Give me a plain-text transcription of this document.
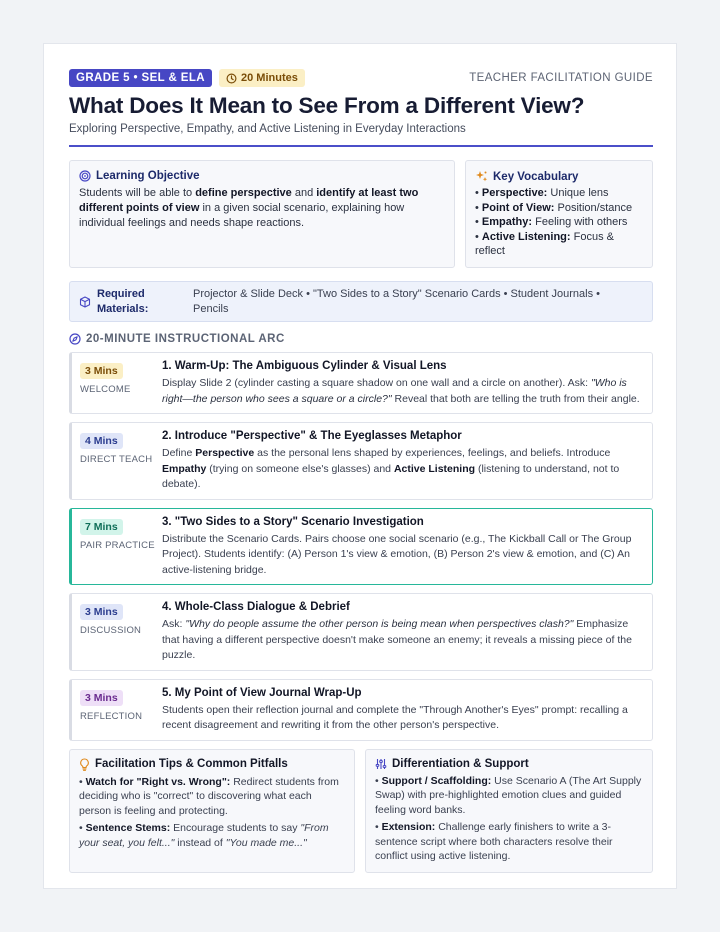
GRADE 5 • SEL & ELA	20 Minutes	TEACHER FACILITATION GUIDE
What Does It Mean to See From a Different View?
Exploring Perspective, Empathy, and Active Listening in Everyday Interactions
Learning Objective
Students will be able to define perspective and identify at least two different points of view in a given social scenario, explaining how individual feelings and needs shape reactions.
Key Vocabulary
• Perspective: Unique lens
• Point of View: Position/stance
• Empathy: Feeling with others
• Active Listening: Focus & reflect
Required Materials:
Projector & Slide Deck • "Two Sides to a Story" Scenario Cards • Student Journals • Pencils
20-MINUTE INSTRUCTIONAL ARC
3 Mins
WELCOME
1. Warm-Up: The Ambiguous Cylinder & Visual Lens
Display Slide 2 (cylinder casting a square shadow on one wall and a circle on another). Ask: "Who is right—the person who sees a square or a circle?" Reveal that both are telling the truth from their angle.
4 Mins
DIRECT TEACH
2. Introduce "Perspective" & The Eyeglasses Metaphor
Define Perspective as the personal lens shaped by experiences, feelings, and beliefs. Introduce Empathy (trying on someone else's glasses) and Active Listening (listening to understand, not to debate).
7 Mins
PAIR PRACTICE
3. "Two Sides to a Story" Scenario Investigation
Distribute the Scenario Cards. Pairs choose one social scenario (e.g., The Kickball Call or The Group Project). Students identify: (A) Person 1's view & emotion, (B) Person 2's view & emotion, and (C) An active-listening bridge.
3 Mins
DISCUSSION
4. Whole-Class Dialogue & Debrief
Ask: "Why do people assume the other person is being mean when perspectives clash?" Emphasize that having a different perspective doesn't make someone an enemy; it reveals a missing piece of the puzzle.
3 Mins
REFLECTION
5. My Point of View Journal Wrap-Up
Students open their reflection journal and complete the "Through Another's Eyes" prompt: recalling a recent disagreement and rewriting it from the other person's perspective.
Facilitation Tips & Common Pitfalls
• Watch for "Right vs. Wrong": Redirect students from deciding who is "correct" to discovering what each person is feeling and protecting.
• Sentence Stems: Encourage students to say "From your seat, you felt..." instead of "You made me..."
Differentiation & Support
• Support / Scaffolding: Use Scenario A (The Art Supply Swap) with pre-highlighted emotion clues and guided feeling word banks.
• Extension: Challenge early finishers to write a 3-sentence script where both characters resolve their conflict using active listening.
